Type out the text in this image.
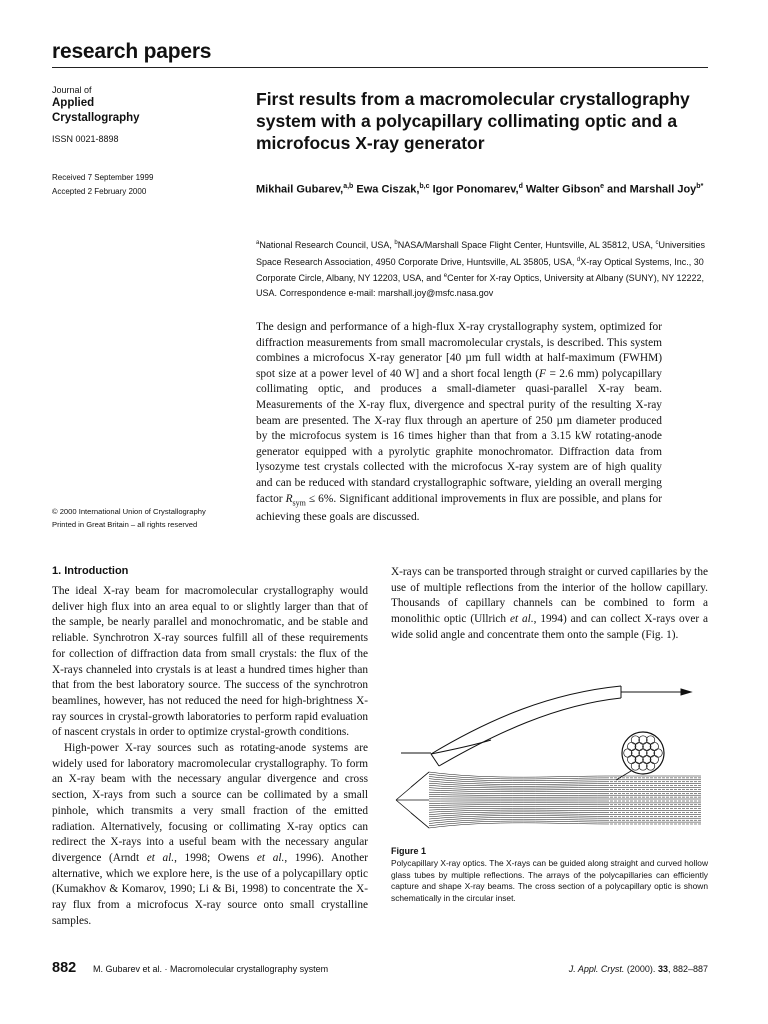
research papers
Journal of
Applied
Crystallography
ISSN 0021-8898
Received 7 September 1999
Accepted 2 February 2000
First results from a macromolecular crystallography system with a polycapillary collimating optic and a microfocus X-ray generator
Mikhail Gubarev,$^{a,b}$ Ewa Ciszak,$^{b,c}$ Igor Ponomarev,$^d$ Walter Gibson$^e$ and Marshall Joy$^{b*}$
$^a$National Research Council, USA, $^b$NASA/Marshall Space Flight Center, Huntsville, AL 35812, USA, $^c$Universities Space Research Association, 4950 Corporate Drive, Huntsville, AL 35805, USA, $^d$X-ray Optical Systems, Inc., 30 Corporate Circle, Albany, NY 12203, USA, and $^e$Center for X-ray Optics, University at Albany (SUNY), NY 12222, USA. Correspondence e-mail: marshall.joy@msfc.nasa.gov
The design and performance of a high-flux X-ray crystallography system, optimized for diffraction measurements from small macromolecular crystals, is described. This system combines a microfocus X-ray generator [40 µm full width at half-maximum (FWHM) spot size at a power level of 40 W] and a short focal length (F = 2.6 mm) polycapillary collimating optic, and produces a small-diameter quasi-parallel X-ray beam. Measurements of the X-ray flux, divergence and spectral purity of the resulting X-ray beam are presented. The X-ray flux through an aperture of 250 µm diameter produced by the microfocus system is 16 times higher than that from a 3.15 kW rotating-anode generator equipped with a pyrolytic graphite monochromator. Diffraction data from lysozyme test crystals collected with the microfocus X-ray system are of high quality and can be reduced with standard crystallographic software, yielding an overall merging factor $R_{sym} \le 6\%$. Significant additional improvements in flux are possible, and plans for achieving these goals are discussed.
© 2000 International Union of Crystallography
Printed in Great Britain – all rights reserved
1. Introduction

The ideal X-ray beam for macromolecular crystallography would deliver high flux into an area equal to or slightly larger than that of the sample, be nearly parallel and monochromatic, and be stable and reliable. Synchrotron X-ray sources fulfill all of these requirements for collection of diffraction data from small crystals: the flux of the X-rays channeled into crystals is at least a hundred times higher than that from the best laboratory source. The success of the synchrotron beamlines, however, has not reduced the need for high-brightness X-ray sources in crystal-growth laboratories to perform rapid evaluation of nascent crystals in order to optimize crystal-growth conditions.

High-power X-ray sources such as rotating-anode systems are widely used for laboratory macromolecular crystallography. To form an X-ray beam with the necessary angular divergence and cross section, X-rays from such a source can be collimated by a small pinhole, which transmits a very small fraction of the emitted radiation. Alternatively, focusing or collimating X-ray optics can redirect the X-rays into a useful beam with the necessary angular divergence (Arndt et al., 1998; Owens et al., 1996). Another alternative, which we explore here, is the use of a polycapillary optic (Kumakhov & Komarov, 1990; Li & Bi, 1998) to concentrate the X-ray flux from a microfocus X-ray source onto small crystalline samples.

X-rays can be transported through straight or curved capillaries by the use of multiple reflections from the interior of the hollow capillary. Thousands of capillary channels can be combined to form a monolithic optic (Ullrich et al., 1994) and can collect X-rays over a wide solid angle and concentrate them onto the sample (Fig. 1).
Figure 1
Polycapillary X-ray optics. The X-rays can be guided along straight and curved hollow glass tubes by multiple reflections. The arrays of the polycapillaries can efficiently capture and shape X-ray beams. The cross section of a polycapillary optic is shown schematically in the circular inset.
882 M. Gubarev et al. · Macromolecular crystallography system	J. Appl. Cryst. (2000). 33, 882–887
